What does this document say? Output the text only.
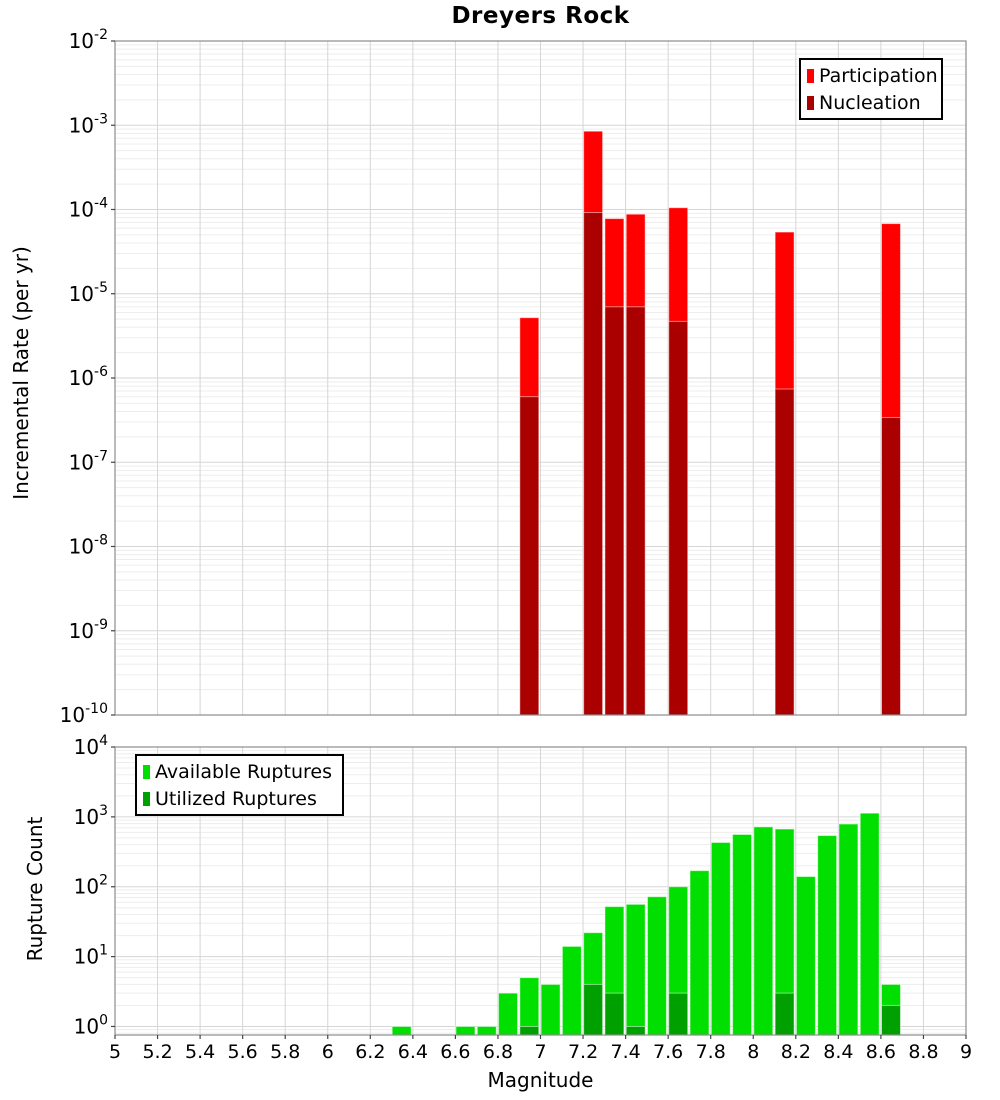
$10^{-2}$
$10^{-3}$
$10^{-4}$
$10^{-5}$
$10^{-6}$
$10^{-7}$
$10^{-8}$
$10^{-9}$
$10^{-10}$
$10^4$
$10^3$
$10^2$
$10^1$
$10^0$
5 5.2 5.4 5.6 5.8 6 6.2 6.4 6.6 6.8 7 7.2 7.4 7.6 7.8 8 8.2 8.4 8.6 8.8 9
Dreyers Rock
Incremental Rate (per yr)
Rupture Count
Magnitude
Participation
Nucleation
Available Ruptures
Utilized Ruptures
